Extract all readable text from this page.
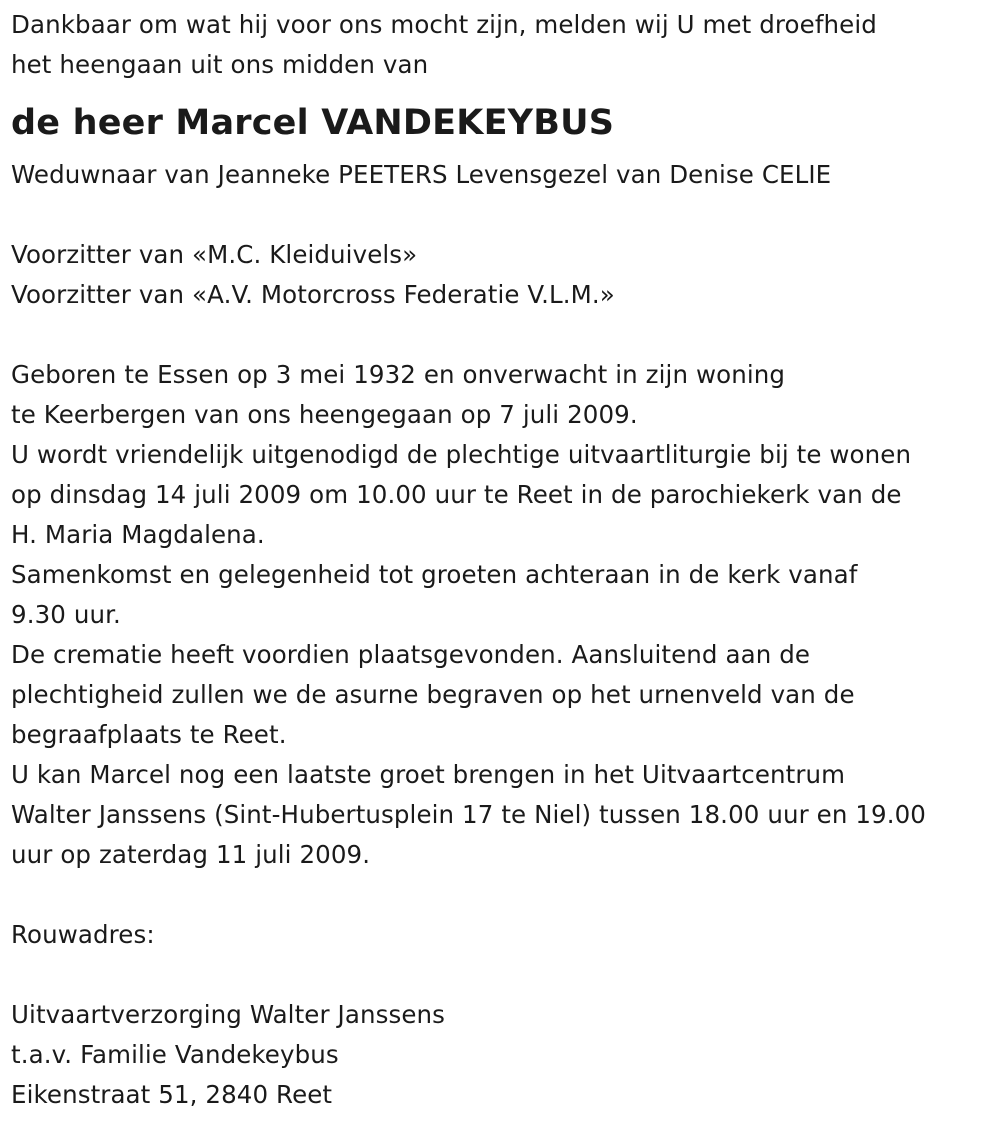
Dankbaar om wat hij voor ons mocht zijn, melden wij U met droefheid
het heengaan uit ons midden van
de heer Marcel VANDEKEYBUS
Weduwnaar van Jeanneke PEETERS Levensgezel van Denise CELIE
Voorzitter van «M.C. Kleiduivels»
Voorzitter van «A.V. Motorcross Federatie V.L.M.»
Geboren te Essen op 3 mei 1932 en onverwacht in zijn woning
te Keerbergen van ons heengegaan op 7 juli 2009.
U wordt vriendelijk uitgenodigd de plechtige uitvaartliturgie bij te wonen
op dinsdag 14 juli 2009 om 10.00 uur te Reet in de parochiekerk van de
H. Maria Magdalena.
Samenkomst en gelegenheid tot groeten achteraan in de kerk vanaf
9.30 uur.
De crematie heeft voordien plaatsgevonden. Aansluitend aan de
plechtigheid zullen we de asurne begraven op het urnenveld van de
begraafplaats te Reet.
U kan Marcel nog een laatste groet brengen in het Uitvaartcentrum
Walter Janssens (Sint-Hubertusplein 17 te Niel) tussen 18.00 uur en 19.00
uur op zaterdag 11 juli 2009.
Rouwadres:
Uitvaartverzorging Walter Janssens
t.a.v. Familie Vandekeybus
Eikenstraat 51, 2840 Reet
